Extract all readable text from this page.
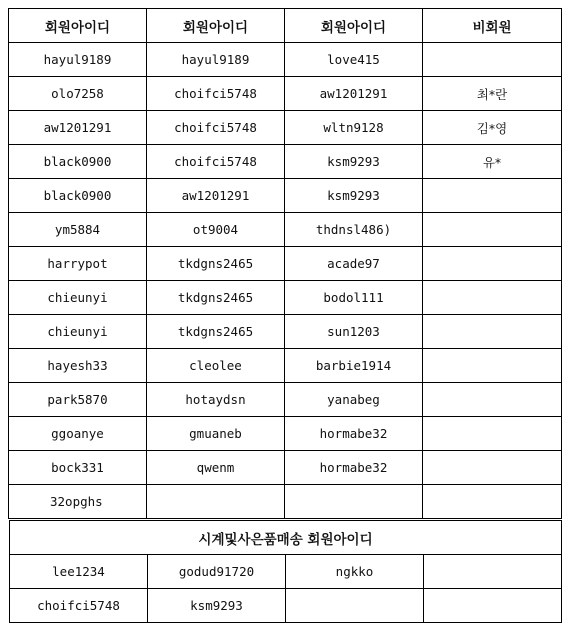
회원아이디	회원아이디	회원아이디	비회원
hayul9189	hayul9189	love415	
olo7258	choifci5748	aw1201291	최*란
aw1201291	choifci5748	wltn9128	김*영
black0900	choifci5748	ksm9293	유*
black0900	aw1201291	ksm9293	
ym5884	ot9004	thdnsl486)	
harrypot	tkdgns2465	acade97	
chieunyi	tkdgns2465	bodol111	
chieunyi	tkdgns2465	sun1203	
hayesh33	cleolee	barbie1914	
park5870	hotaydsn	yanabeg	
ggoanye	gmuaneb	hormabe32	
bock331	qwenm	hormabe32	
32opghs			
시계및사은품매송 회원아이디			
lee1234	godud91720	ngkko	
choifci5748	ksm9293		
